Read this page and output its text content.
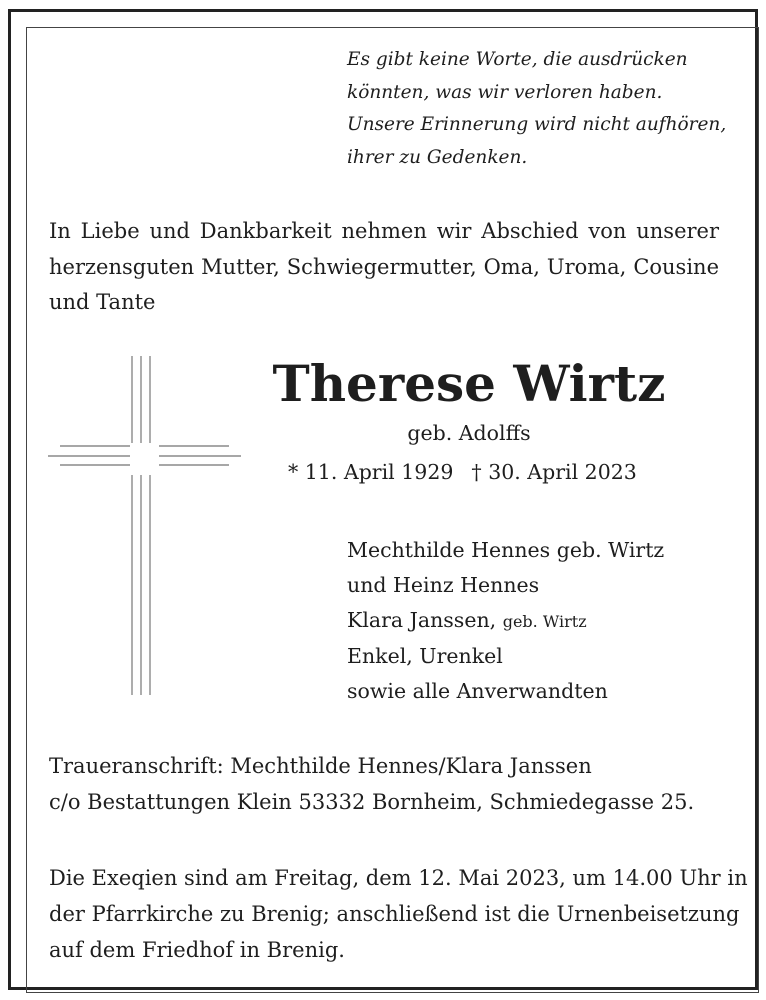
Es gibt keine Worte, die ausdrücken
könnten, was wir verloren haben.
Unsere Erinnerung wird nicht aufhören,
ihrer zu Gedenken.
In Liebe und Dankbarkeit nehmen wir Abschied von unserer
herzensguten Mutter, Schwiegermutter, Oma, Uroma, Cousine
und Tante
Therese Wirtz
geb. Adolffs
* 11. April 1929 † 30. April 2023
Mechthilde Hennes geb. Wirtz
und Heinz Hennes
Klara Janssen, geb. Wirtz
Enkel, Urenkel
sowie alle Anverwandten
Traueranschrift: Mechthilde Hennes/Klara Janssen
c/o Bestattungen Klein 53332 Bornheim, Schmiedegasse 25.
Die Exeqien sind am Freitag, dem 12. Mai 2023, um 14.00 Uhr in
der Pfarrkirche zu Brenig; anschließend ist die Urnenbeisetzung
auf dem Friedhof in Brenig.
